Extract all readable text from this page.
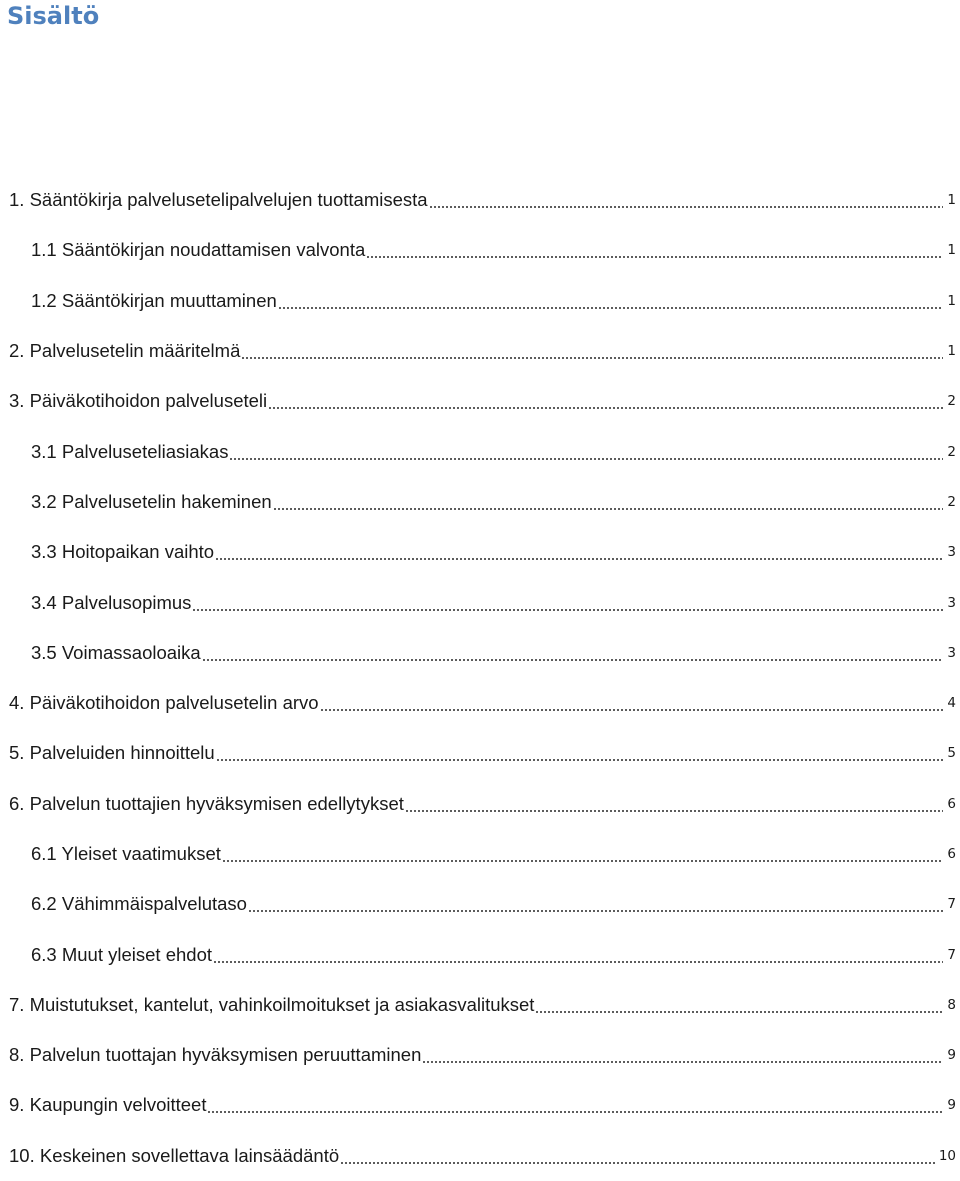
Sisältö
1. Sääntökirja palvelusetelipalvelujen tuottamisesta	1
1.1 Sääntökirjan noudattamisen valvonta	1
1.2 Sääntökirjan muuttaminen	1
2. Palvelusetelin määritelmä	1
3. Päiväkotihoidon palveluseteli	2
3.1 Palveluseteliasiakas	2
3.2 Palvelusetelin hakeminen	2
3.3 Hoitopaikan vaihto	3
3.4 Palvelusopimus	3
3.5 Voimassaoloaika	3
4. Päiväkotihoidon palvelusetelin arvo	4
5. Palveluiden hinnoittelu	5
6. Palvelun tuottajien hyväksymisen edellytykset	6
6.1 Yleiset vaatimukset	6
6.2 Vähimmäispalvelutaso	7
6.3 Muut yleiset ehdot	7
7. Muistutukset, kantelut, vahinkoilmoitukset ja asiakasvalitukset	8
8. Palvelun tuottajan hyväksymisen peruuttaminen	9
9. Kaupungin velvoitteet	9
10. Keskeinen sovellettava lainsäädäntö	10
